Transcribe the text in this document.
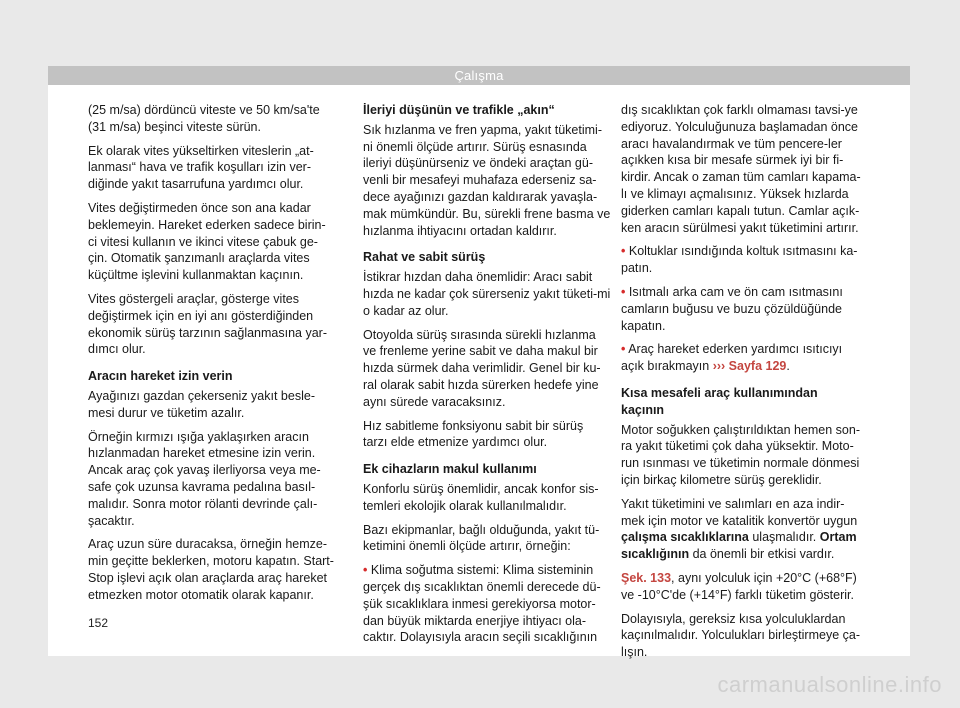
Çalışma

(25 m/sa) dördüncü viteste ve 50 km/sa'te (31 m/sa) beşinci viteste sürün.

Ek olarak vites yükseltirken viteslerin „at-lanması“ hava ve trafik koşulları izin ver-diğinde yakıt tasarrufuna yardımcı olur.

Vites değiştirmeden önce son ana kadar beklemeyin. Hareket ederken sadece birin-ci vitesi kullanın ve ikinci vitese çabuk ge-çin. Otomatik şanzımanlı araçlarda vites küçültme işlevini kullanmaktan kaçının.

Vites göstergeli araçlar, gösterge vites değiştirmek için en iyi anı gösterdiğinden ekonomik sürüş tarzının sağlanmasına yar-dımcı olur.

Aracın hareket izin verin

Ayağınızı gazdan çekerseniz yakıt besle-mesi durur ve tüketim azalır.

Örneğin kırmızı ışığa yaklaşırken aracın hızlanmadan hareket etmesine izin verin. Ancak araç çok yavaş ilerliyorsa veya me-safe çok uzunsa kavrama pedalına basıl-malıdır. Sonra motor rölanti devrinde çalı-şacaktır.

Araç uzun süre duracaksa, örneğin hemze-min geçitte beklerken, motoru kapatın. Start-Stop işlevi açık olan araçlarda araç hareket etmezken motor otomatik olarak kapanır.

İleriyi düşünün ve trafikle „akın“

Sık hızlanma ve fren yapma, yakıt tüketimi-ni önemli ölçüde artırır. Sürüş esnasında ileriyi düşünürseniz ve öndeki araçtan gü-venli bir mesafeyi muhafaza ederseniz sa-dece ayağınızı gazdan kaldırarak yavaşla-mak mümkündür. Bu, sürekli frene basma ve hızlanma ihtiyacını ortadan kaldırır.

Rahat ve sabit sürüş

İstikrar hızdan daha önemlidir: Aracı sabit hızda ne kadar çok sürerseniz yakıt tüketi-mi o kadar az olur.

Otoyolda sürüş sırasında sürekli hızlanma ve frenleme yerine sabit ve daha makul bir hızda sürmek daha verimlidir. Genel bir ku-ral olarak sabit hızda sürerken hedefe yine aynı sürede varacaksınız.

Hız sabitleme fonksiyonu sabit bir sürüş tarzı elde etmenize yardımcı olur.

Ek cihazların makul kullanımı

Konforlu sürüş önemlidir, ancak konfor sis-temleri ekolojik olarak kullanılmalıdır.

Bazı ekipmanlar, bağlı olduğunda, yakıt tü-ketimini önemli ölçüde artırır, örneğin:

• Klima soğutma sistemi: Klima sisteminin gerçek dış sıcaklıktan önemli derecede dü-şük sıcaklıklara inmesi gerekiyorsa motor-dan büyük miktarda enerjiye ihtiyacı ola-caktır. Dolayısıyla aracın seçili sıcaklığının

dış sıcaklıktan çok farklı olmaması tavsi-ye ediyoruz. Yolculuğunuza başlamadan önce aracı havalandırmak ve tüm pencere-ler açıkken kısa bir mesafe sürmek iyi bir fi-kirdir. Ancak o zaman tüm camları kapama-lı ve klimayı açmalısınız. Yüksek hızlarda giderken camları kapalı tutun. Camlar açık-ken aracın sürülmesi yakıt tüketimini artırır.

• Koltuklar ısındığında koltuk ısıtmasını ka-patın.

• Isıtmalı arka cam ve ön cam ısıtmasını camların buğusu ve buzu çözüldüğünde kapatın.

• Araç hareket ederken yardımcı ısıtıcıyı açık bırakmayın ››› Sayfa 129.

Kısa mesafeli araç kullanımından kaçının

Motor soğukken çalıştırıldıktan hemen son-ra yakıt tüketimi çok daha yüksektir. Moto-run ısınması ve tüketimin normale dönmesi için birkaç kilometre sürüş gereklidir.

Yakıt tüketimini ve salımları en aza indir-mek için motor ve katalitik konvertör uygun çalışma sıcaklıklarına ulaşmalıdır. Ortam sıcaklığının da önemli bir etkisi vardır.

Şek. 133, aynı yolculuk için +20°C (+68°F) ve -10°C'de (+14°F) farklı tüketim gösterir.

Dolayısıyla, gereksiz kısa yolculuklardan kaçınılmalıdır. Yolculukları birleştirmeye ça-lışın.

152
carmanualsonline.info
